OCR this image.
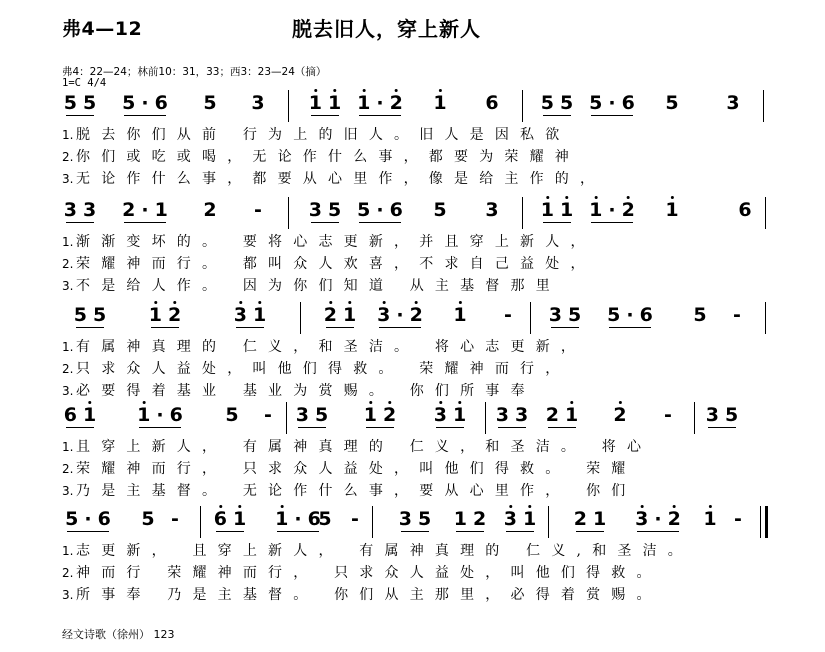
弗4—12	脱去旧人，穿上新人
弗4：22—24；林前10：31，33；西3：23—24（摘）
1=C 4/4
5 5 5 · 6 5 3 1 1 1 · 2 1 6 5 5 5 · 6 5	3
1. 脱去你们从前 行为上的旧人。旧人是因私欲
2. 你们或吃或喝，无论作什么事，都要为荣耀神
3. 无论作什么事，都要从心里作，像是给主作的，
3 3 2 · 1 2 - 3 5 5 · 6 5 3 1 1 1 · 2 1	6
1. 渐渐变坏的。 要将心志更新，并且穿上新人，
2. 荣耀神而行。 都叫众人欢喜，不求自己益处，
3. 不是给人作。 因为你们知道 从主基督那里
5 5 1 2	3 1	2 1 3 · 2 1 - 3 5 5 · 6 5 -
1. 有属神真理的 仁义，和圣洁。 将心志更新，
2. 只求众人益处，叫他们得救。 荣耀神而行，
3. 必要得着基业 基业为赏赐。 你们所事奉
6 1 1 · 6 5 - 3 5 1 2 3 1 3 3 2 1 2 - 3 5
1. 且穿上新人， 有属神真理的 仁义，和圣洁。 将心
2. 荣耀神而行， 只求众人益处，叫他们得救。 荣耀
3. 乃是主基督。 无论作什么事，要从心里作， 你们
5 · 6 5 - 6 1 1 · 6
5 - 3 5 1 2 3 1 2 1 3 · 2 1 -
1. 志更新， 且穿上新人， 有属神真理的 仁义,和圣洁。
2. 神而行 荣耀神而行， 只求众人益处，叫他们得救。
3. 所事奉 乃是主基督。 你们从主那里，必得着赏赐。
经文诗歌（徐州） 123
